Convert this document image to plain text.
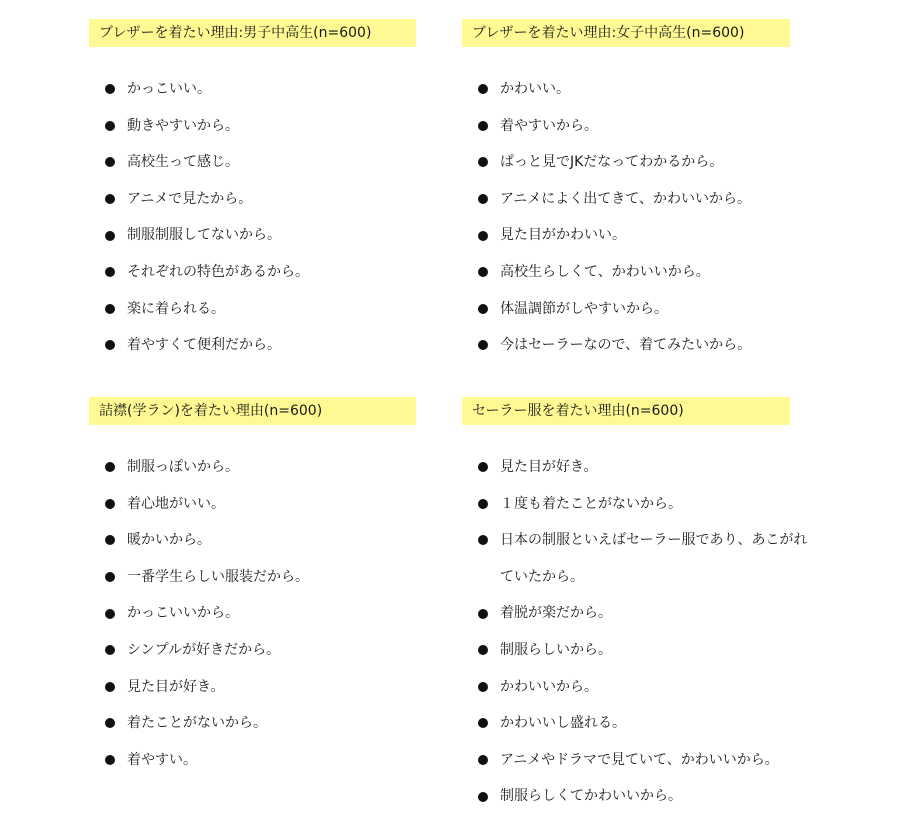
ブレザーを着たい理由:男子中高生(n=600)
かっこいい。
動きやすいから。
高校生って感じ。
アニメで見たから。
制服制服してないから。
それぞれの特色があるから。
楽に着られる。
着やすくて便利だから。
ブレザーを着たい理由:女子中高生(n=600)
かわいい。
着やすいから。
ぱっと見でJKだなってわかるから。
アニメによく出てきて、かわいいから。
見た目がかわいい。
高校生らしくて、かわいいから。
体温調節がしやすいから。
今はセーラーなので、着てみたいから。
詰襟(学ラン)を着たい理由(n=600)
制服っぽいから。
着心地がいい。
暖かいから。
一番学生らしい服装だから。
かっこいいから。
シンプルが好きだから。
見た目が好き。
着たことがないから。
着やすい。
セーラー服を着たい理由(n=600)
見た目が好き。
１度も着たことがないから。
日本の制服といえばセーラー服であり、あこがれていたから。
着脱が楽だから。
制服らしいから。
かわいいから。
かわいいし盛れる。
アニメやドラマで見ていて、かわいいから。
制服らしくてかわいいから。
